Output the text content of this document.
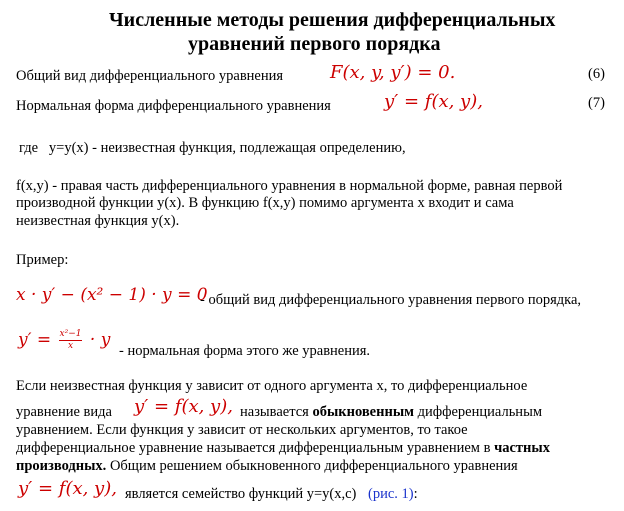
Численные методы решения дифференциальных
уравнений первого порядка
Общий вид дифференциального уравнения	F(x, y, y′) = 0.	(6)
Нормальная форма дифференциального уравнения	y′ = f(x, y),	(7)
где   y=y(x) - неизвестная функция, подлежащая определению,
f(x,y) - правая часть дифференциального уравнения в нормальной форме, равная первой
производной функции y(x). В функцию f(x,y) помимо аргумента x входит и сама
неизвестная функция y(x).
Пример:
x · y′ − (x² − 1) · y = 0
- общий вид дифференциального уравнения первого порядка,
$y' = \frac{\text{x²−1}}{x} \cdot y$
- нормальная форма этого же уравнения.
Если неизвестная функция y зависит от одного аргумента x, то дифференциальное
уравнение вида y′ = f(x, y), называется обыкновенным дифференциальным
уравнением. Если функция y зависит от нескольких аргументов, то такое
дифференциальное уравнение называется дифференциальным уравнением в частных
производных. Общим решением обыкновенного дифференциального уравнения
y′ = f(x, y), является семейство функций y=y(x,c) (рис. 1):
